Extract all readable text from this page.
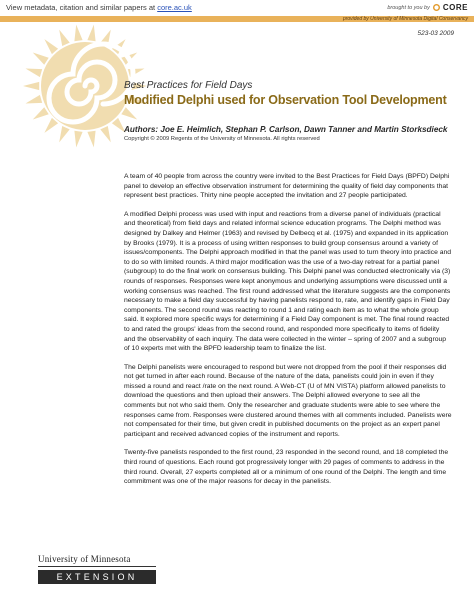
View metadata, citation and similar papers at core.ac.uk	brought to you by CORE
provided by University of Minnesota Digital Conservancy
523-03 2009
Best Practices for Field Days
Modified Delphi used for Observation Tool Development
Authors: Joe E. Heimlich, Stephan P. Carlson, Dawn Tanner and Martin Storksdieck
Copyright © 2009 Regents of the University of Minnesota. All rights reserved

A team of 40 people from across the country were invited to the Best Practices for Field Days (BPFD) Delphi panel to develop an effective observation instrument for determining the quality of field day components that represent best practices. Thirty nine people accepted the invitation and 27 people participated.

A modified Delphi process was used with input and reactions from a diverse panel of individuals (practical and theoretical) from field days and related informal science education programs. The Delphi method was designed by Dalkey and Helmer (1963) and revised by Delbecq et al. (1975) and expanded in its application by Brooks (1979). It is a process of using written responses to build group consensus around a variety of issues/components. The Delphi approach modified in that the panel was used to turn theory into practice and to do so with limited rounds. A third major modification was the use of a two-day retreat for a partial panel (subgroup) to do the final work on consensus building. This Delphi panel was conducted electronically via (3) rounds of responses. Responses were kept anonymous and underlying assumptions were discussed until a working consensus was reached. The first round addressed what the literature suggests are the components necessary to make a field day successful by having panelists respond to, rate, and identify gaps in Field Day components. The second round was reacting to round 1 and rating each item as to what the whole group said. It explored more specific ways for determining if a Field Day component is met. The final round reacted to and rated the groups' ideas from the second round, and responded more specifically to items of fidelity and the observability of each inquiry. The data were collected in the winter – spring of 2007 and a subgroup of 10 experts met with the BPFD leadership team to finalize the list.

The Delphi panelists were encouraged to respond but were not dropped from the pool if their responses did not get turned in after each round. Because of the nature of the data, panelists could join in even if they missed a round and react /rate on the next round. A Web-CT (U of MN VISTA) platform allowed panelists to download the questions and then upload their answers. The Delphi allowed everyone to see all the comments but not who said them. Only the researcher and graduate students were able to see where the responses came from. Responses were clustered around themes with all comments included. Panelists were not compensated for their time, but given credit in published documents on the project as an expert panel participant and received advanced copies of the instrument and reports.

Twenty-five panelists responded to the first round, 23 responded in the second round, and 18 completed the third round of questions. Each round got progressively longer with 29 pages of comments to address in the third round. Overall, 27 experts completed all or a minimum of one round of the Delphi. The length and time commitment was one of the major reasons for decay in the panelists.

University of Minnesota
EXTENSION
